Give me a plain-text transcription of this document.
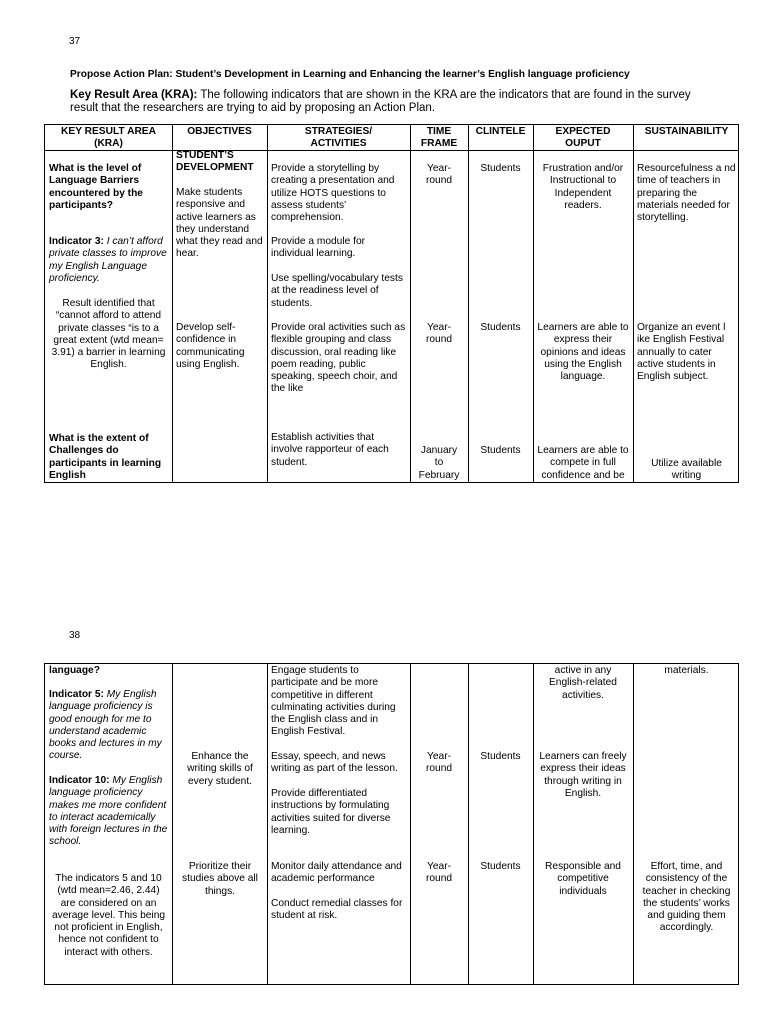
37
Propose Action Plan: Student’s Development in Learning and Enhancing the learner’s English language proficiency
Key Result Area (KRA): The following indicators that are shown in the KRA are the indicators that are found in the survey result that the researchers are trying to aid by proposing an Action Plan.
KEY RESULT AREA (KRA)
OBJECTIVES	STRATEGIES/ ACTIVITIES
TIME FRAME
CLINTELE	EXPECTED OUPUT
SUSTAINABILITY
What is the level of Language Barriers encountered by the participants?
Indicator 3: I can’t afford private classes to improve my English Language proficiency.
Result identified that “cannot afford to attend private classes “is to a great extent (wtd mean= 3.91) a barrier in learning English.
What is the extent of Challenges do participants in learning English
STUDENT’S DEVELOPMENT
Make students responsive and active learners as they understand what they read and hear.
Develop self-confidence in communicating using English.
Provide a storytelling by creating a presentation and utilize HOTS questions to assess students’ comprehension.
Provide a module for individual learning.
Use spelling/vocabulary tests at the readiness level of students.
Provide oral activities such as flexible grouping and class discussion, oral reading like poem reading, public speaking, speech choir, and the like
Establish activities that involve rapporteur of each student.
Year-round
Year-round
January to February
Students
Students
Students
Frustration and/or Instructional to Independent readers.
Learners are able to express their opinions and ideas using the English language.
Learners are able to compete in full confidence and be
Resourcefulness a nd time of teachers in preparing the materials needed for storytelling.
Organize an event l ike English Festival annually to cater active students in English subject.
Utilize available writing
38
language?
Indicator 5: My English language proficiency is good enough for me to understand academic books and lectures in my course.
Indicator 10: My English language proficiency makes me more confident to interact academically with foreign lectures in the school.
The indicators 5 and 10 (wtd mean=2.46, 2.44) are considered on an average level. This being not proficient in English, hence not confident to interact with others.
Enhance the writing skills of every student.
Prioritize their studies above all things.
Engage students to participate and be more competitive in different culminating activities during the English class and in English Festival.
Essay, speech, and news writing as part of the lesson.
Provide differentiated instructions by formulating activities suited for diverse learning.
Monitor daily attendance and academic performance
Conduct remedial classes for student at risk.
Year-round
Year-round
Students
Students
active in any English-related activities.
Learners can freely express their ideas through writing in English.
Responsible and competitive individuals
materials.
Effort, time, and consistency of the teacher in checking the students’ works and guiding them accordingly.
